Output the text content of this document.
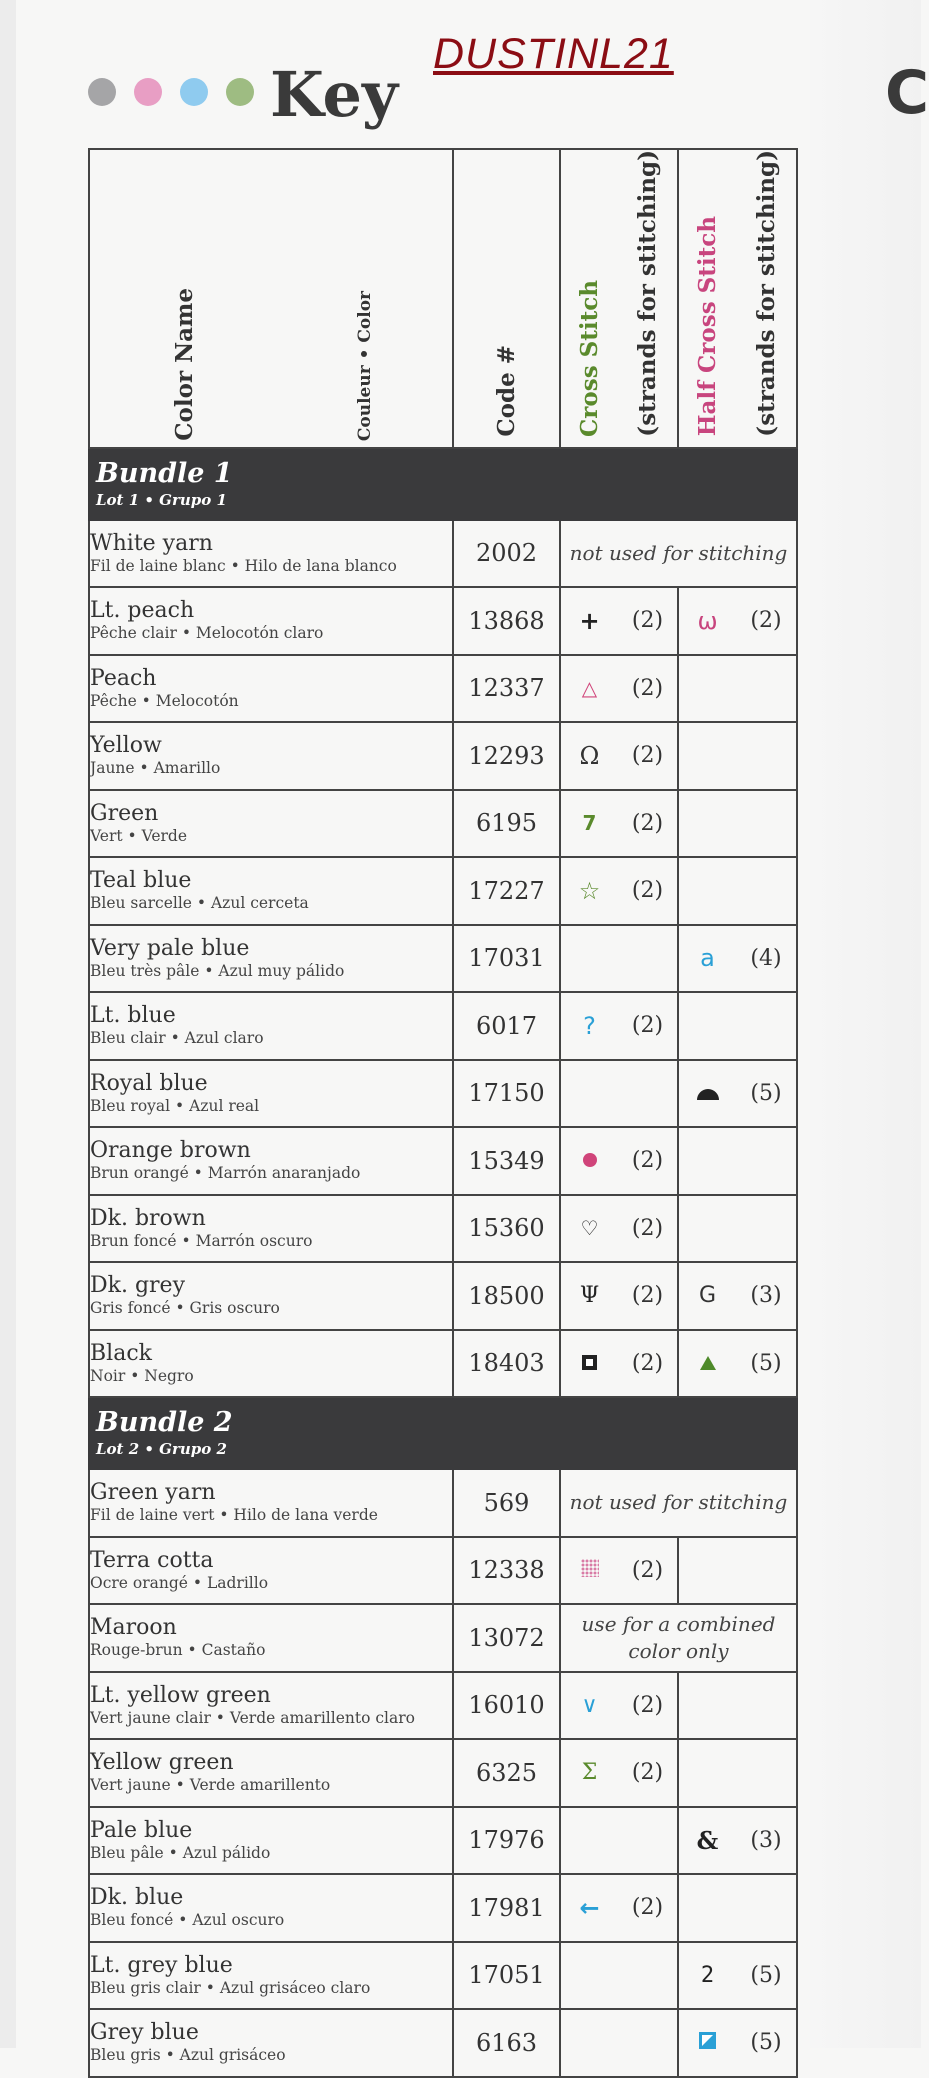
DUSTINL21
Key	C
Color Name Couleur • Color	Code #	Cross Stitch	(strands for stitching)	Half Cross Stitch	(strands for stitching)

Bundle 1
Lot 1 • Grupo 1					

White yarn
Fil de laine blanc • Hilo de lana blanco	2002	not used for stitching			

Lt. peach
Pêche clair • Melocotón claro	13868	+	(2)	ω	(2)

Peach
Pêche • Melocotón	12337	△	(2)		

Yellow
Jaune • Amarillo	12293	Ω	(2)		

Green
Vert • Verde	6195	7	(2)		

Teal blue
Bleu sarcelle • Azul cerceta	17227	☆	(2)		

Very pale blue
Bleu très pâle • Azul muy pálido	17031			a	(4)

Lt. blue
Bleu clair • Azul claro	6017	?	(2)		

Royal blue
Bleu royal • Azul real	17150				(5)

Orange brown
Brun orangé • Marrón anaranjado	15349		(2)		

Dk. brown
Brun foncé • Marrón oscuro	15360	♡	(2)		

Dk. grey
Gris foncé • Gris oscuro	18500	Ψ	(2)	G	(3)

Black
Noir • Negro	18403		(2)		(5)

Bundle 2
Lot 2 • Grupo 2					

Green yarn
Fil de laine vert • Hilo de lana verde	569	not used for stitching			

Terra cotta
Ocre orangé • Ladrillo	12338		(2)		

Maroon
Rouge-brun • Castaño	13072	use for a combined color only			

Lt. yellow green
Vert jaune clair • Verde amarillento claro	16010	∨	(2)		

Yellow green
Vert jaune • Verde amarillento	6325	Σ	(2)		

Pale blue
Bleu pâle • Azul pálido	17976			&	(3)

Dk. blue
Bleu foncé • Azul oscuro	17981	←	(2)		

Lt. grey blue
Bleu gris clair • Azul grisáceo claro	17051			2	(5)

Grey blue
Bleu gris • Azul grisáceo	6163				(5)
